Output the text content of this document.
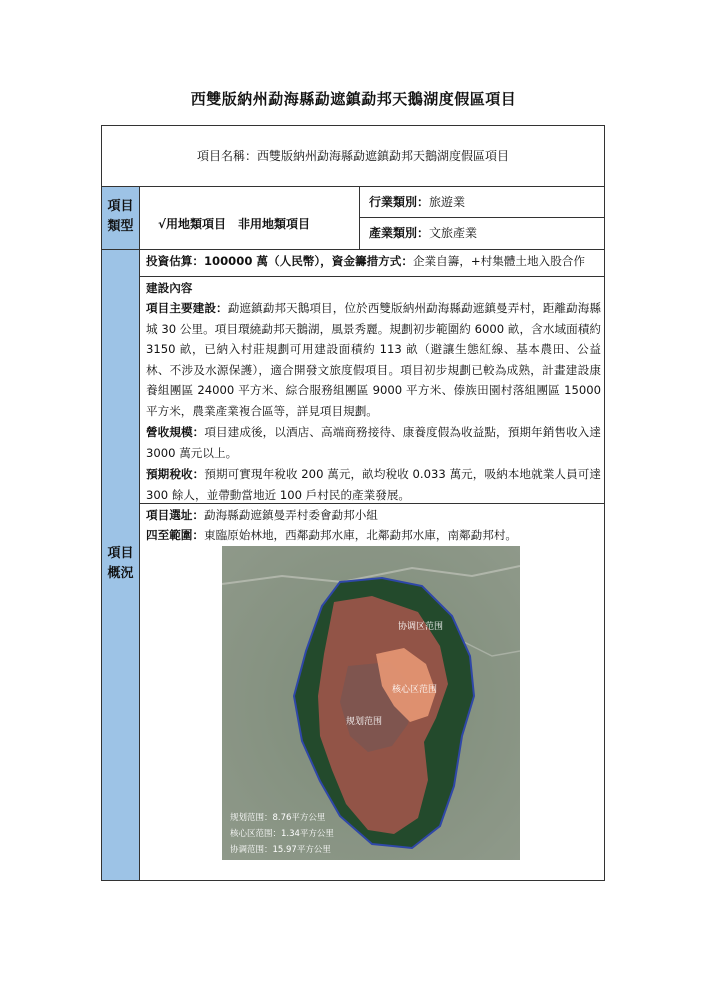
西雙版納州勐海縣勐遮鎮勐邦天鵝湖度假區項目
項目名稱：西雙版納州勐海縣勐遮鎮勐邦天鵝湖度假區項目
項目
類型	√用地類項目　非用地類項目
行業類別：旅遊業
產業類別：文旅產業
項目
概況
投資估算：100000 萬（人民幣），資金籌措方式：企業自籌，+村集體土地入股合作
建設內容
項目主要建設：勐遮鎮勐邦天鵝項目，位於西雙版納州勐海縣勐遮鎮曼弄村，距離勐海縣城 30 公里。項目環繞勐邦天鵝湖，風景秀麗。規劃初步範圍約 6000 畝，含水域面積約 3150 畝，已納入村莊規劃可用建設面積約 113 畝（避讓生態紅線、基本農田、公益林、不涉及水源保護），適合開發文旅度假項目。項目初步規劃已較為成熟，計畫建設康養組團區 24000 平方米、綜合服務組團區 9000 平方米、傣族田園村落組團區 15000 平方米，農業產業複合區等，詳見項目規劃。
營收規模：項目建成後，以酒店、高端商務接待、康養度假為收益點，預期年銷售收入達 3000 萬元以上。
預期稅收：預期可實現年稅收 200 萬元，畝均稅收 0.033 萬元，吸納本地就業人員可達 300 餘人，並帶動當地近 100 戶村民的產業發展。
項目選址：勐海縣勐遮鎮曼弄村委會勐邦小組
四至範圍：東臨原始林地，西鄰勐邦水庫，北鄰勐邦水庫，南鄰勐邦村。
协调区范围
核心区范围
规划范围
规划范围：8.76平方公里
核心区范围：1.34平方公里
协调范围：15.97平方公里
